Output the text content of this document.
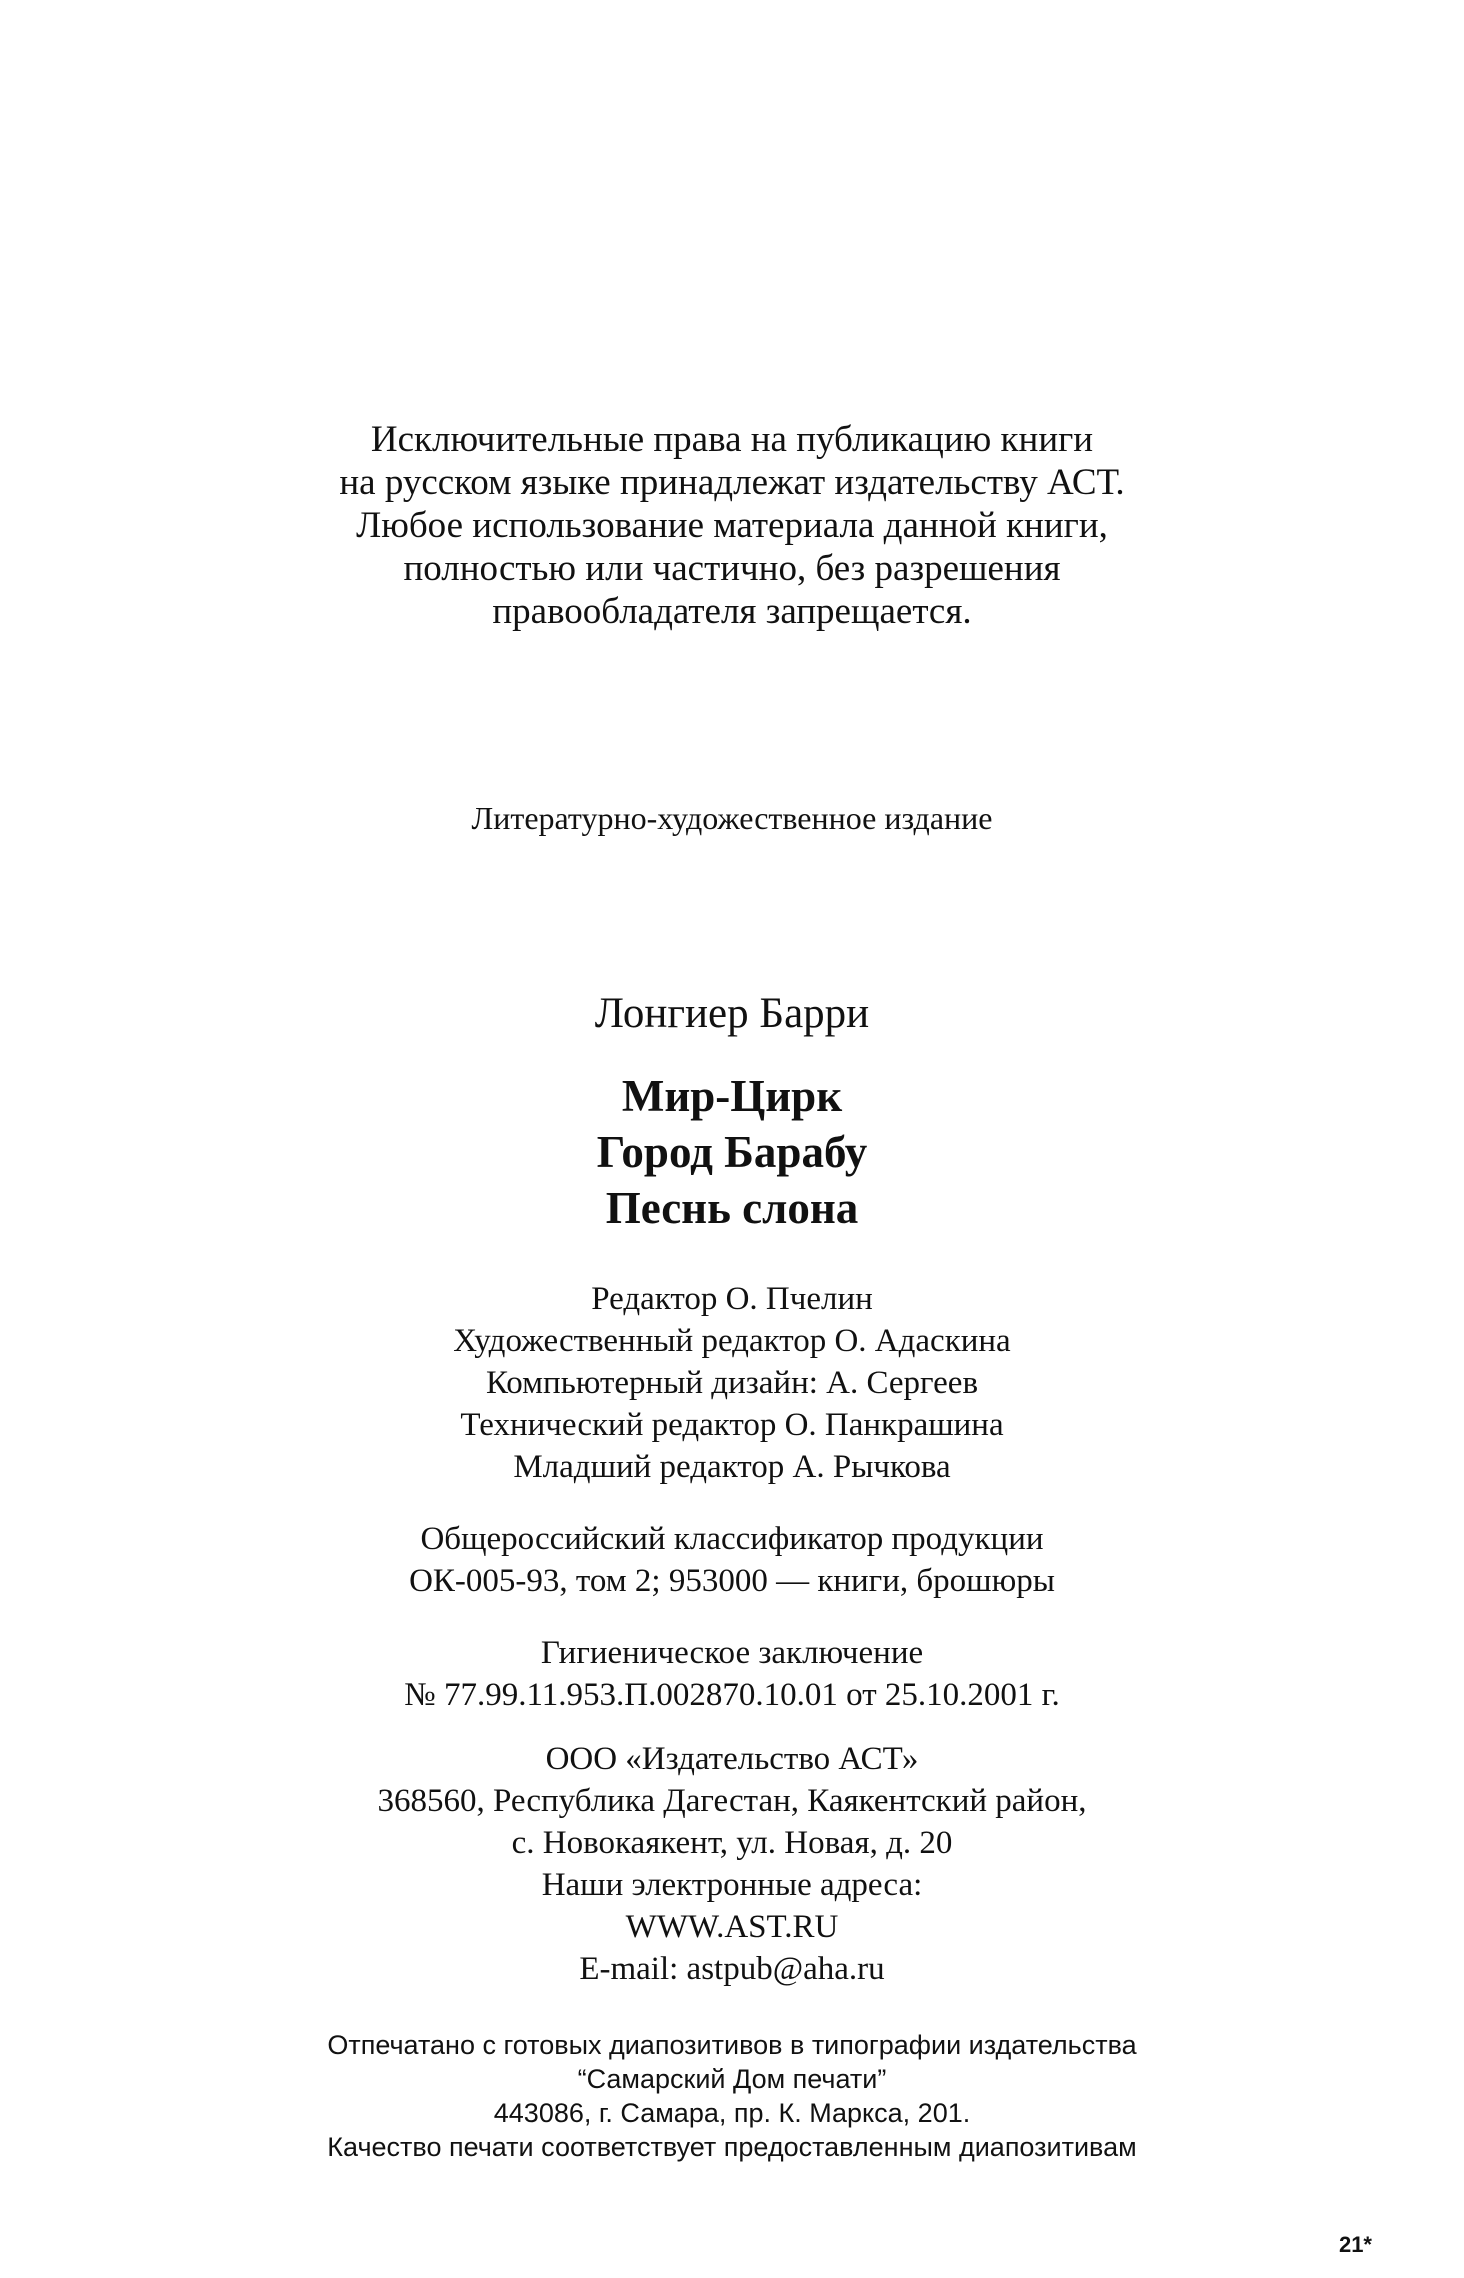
Исключительные права на публикацию книги
на русском языке принадлежат издательству АСТ.
Любое использование материала данной книги,
полностью или частично, без разрешения
правообладателя запрещается.
Литературно-художественное издание
Лонгиер Барри
Мир-Цирк
Город Барабу
Песнь слона
Редактор О. Пчелин
Художественный редактор О. Адаскина
Компьютерный дизайн: А. Сергеев
Технический редактор О. Панкрашина
Младший редактор А. Рычкова
Общероссийский классификатор продукции
ОК-005-93, том 2; 953000 — книги, брошюры
Гигиеническое заключение
№ 77.99.11.953.П.002870.10.01 от 25.10.2001 г.
ООО «Издательство АСТ»
368560, Республика Дагестан, Каякентский район,
с. Новокаякент, ул. Новая, д. 20
Наши электронные адреса:
WWW.AST.RU
E-mail: astpub@aha.ru
Отпечатано с готовых диапозитивов в типографии издательства
“Самарский Дом печати”
443086, г. Самара, пр. К. Маркса, 201.
Качество печати соответствует предоставленным диапозитивам
21*
